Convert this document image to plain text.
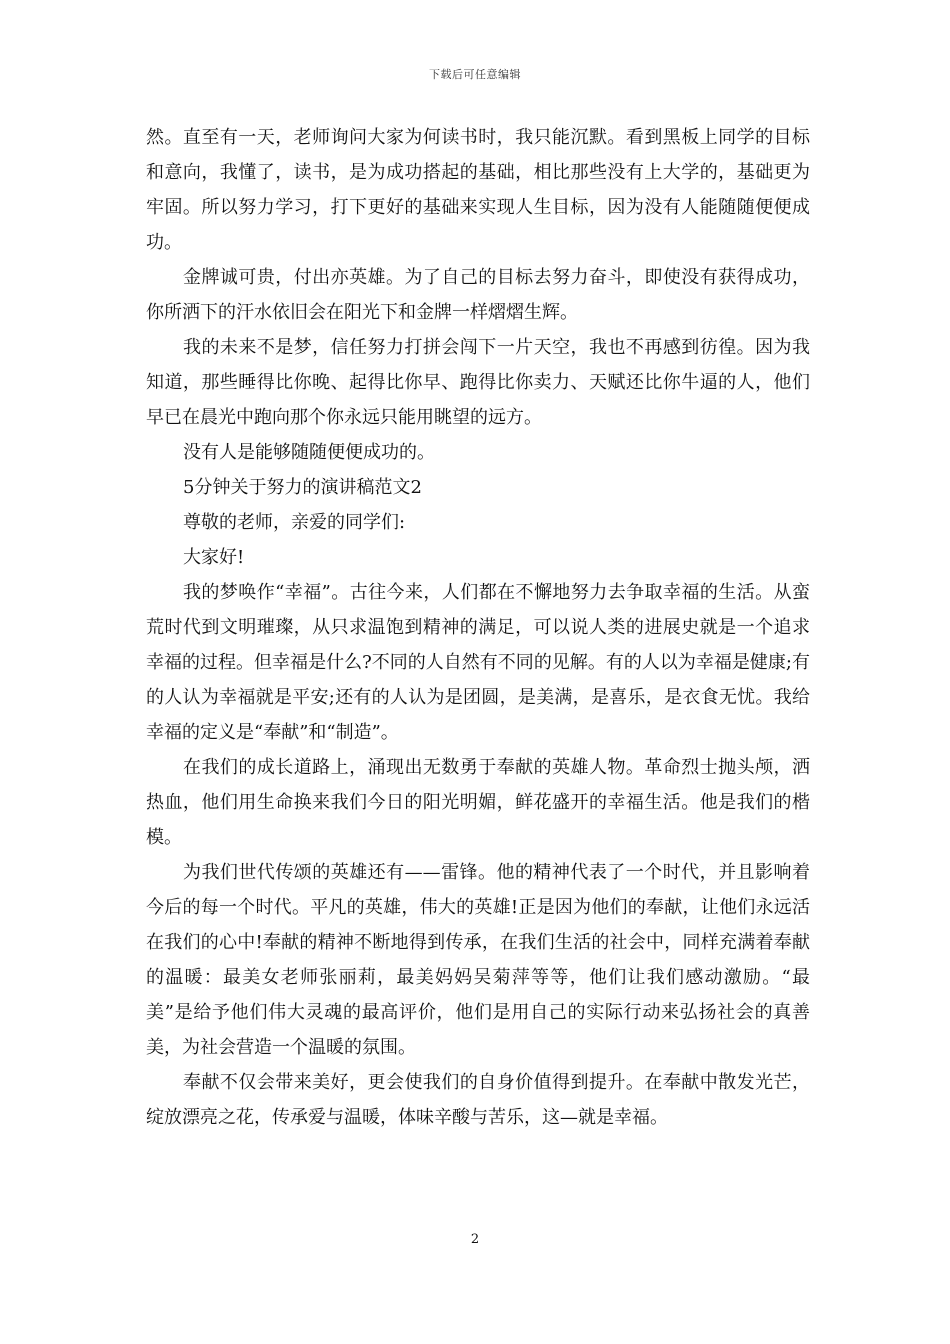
下载后可任意编辑

然。直至有一天，老师询问大家为何读书时，我只能沉默。看到黑板上同学的目标和意向，我懂了，读书，是为成功搭起的基础，相比那些没有上大学的，基础更为牢固。所以努力学习，打下更好的基础来实现人生目标，因为没有人能随随便便成功。

金牌诚可贵，付出亦英雄。为了自己的目标去努力奋斗，即使没有获得成功，你所洒下的汗水依旧会在阳光下和金牌一样熠熠生辉。

我的未来不是梦，信任努力打拼会闯下一片天空，我也不再感到彷徨。因为我知道，那些睡得比你晚、起得比你早、跑得比你卖力、天赋还比你牛逼的人，他们早已在晨光中跑向那个你永远只能用眺望的远方。

没有人是能够随随便便成功的。

5分钟关于努力的演讲稿范文2

尊敬的老师，亲爱的同学们:

大家好!

我的梦唤作“幸福”。古往今来，人们都在不懈地努力去争取幸福的生活。从蛮荒时代到文明璀璨，从只求温饱到精神的满足，可以说人类的进展史就是一个追求幸福的过程。但幸福是什么?不同的人自然有不同的见解。有的人以为幸福是健康;有的人认为幸福就是平安;还有的人认为是团圆，是美满，是喜乐，是衣食无忧。我给幸福的定义是“奉献”和“制造”。

在我们的成长道路上，涌现出无数勇于奉献的英雄人物。革命烈士抛头颅，洒热血，他们用生命换来我们今日的阳光明媚，鲜花盛开的幸福生活。他是我们的楷模。

为我们世代传颂的英雄还有——雷锋。他的精神代表了一个时代，并且影响着今后的每一个时代。平凡的英雄，伟大的英雄!正是因为他们的奉献，让他们永远活在我们的心中!奉献的精神不断地得到传承，在我们生活的社会中，同样充满着奉献的温暖：最美女老师张丽莉，最美妈妈吴菊萍等等，他们让我们感动激励。“最美”是给予他们伟大灵魂的最高评价，他们是用自己的实际行动来弘扬社会的真善美，为社会营造一个温暖的氛围。

奉献不仅会带来美好，更会使我们的自身价值得到提升。在奉献中散发光芒，绽放漂亮之花，传承爱与温暖，体味辛酸与苦乐，这—就是幸福。

2
